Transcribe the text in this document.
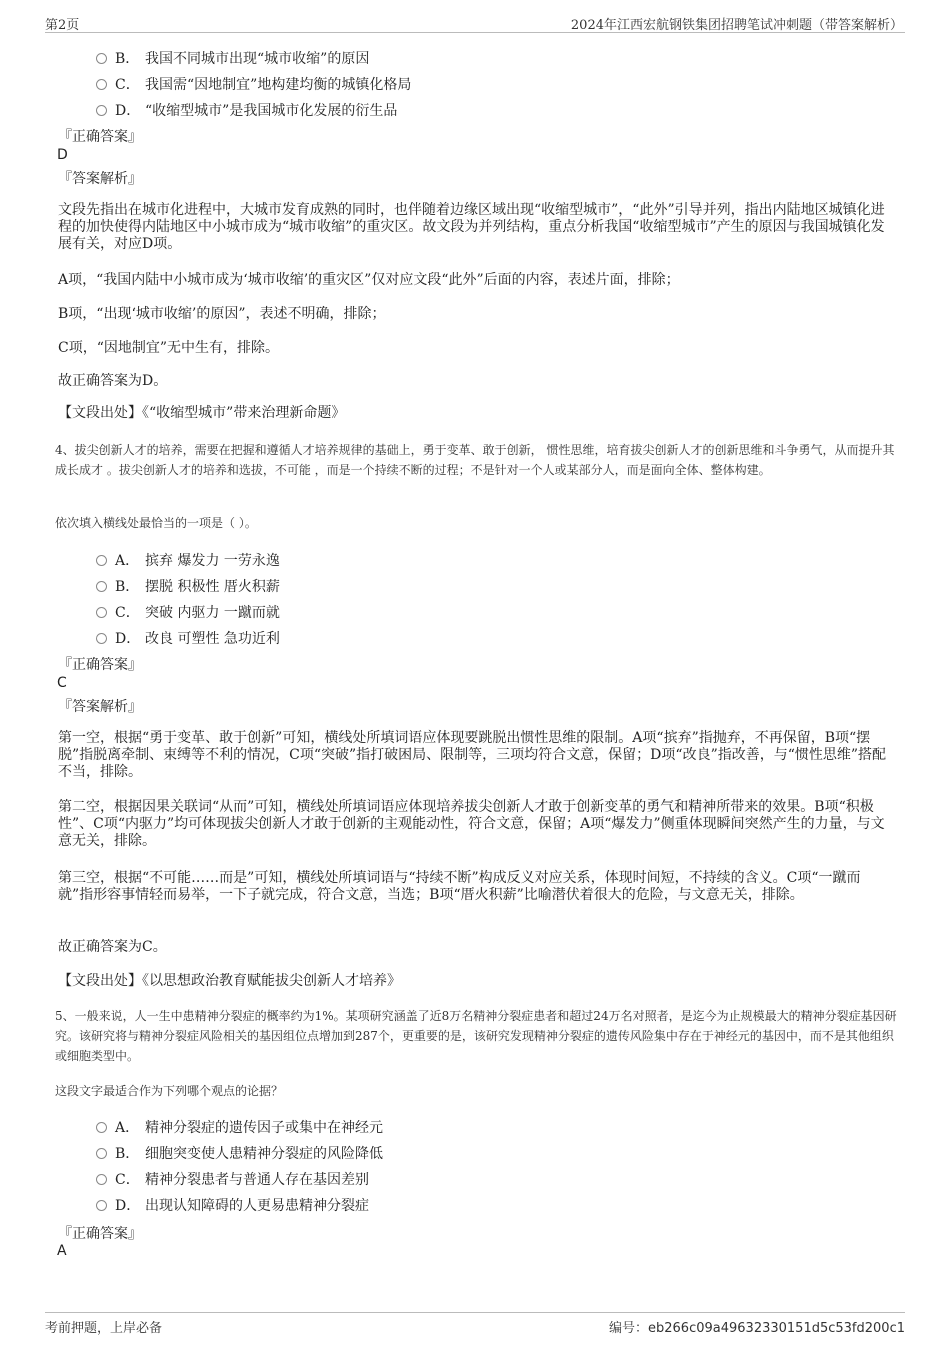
第2页	2024年江西宏航钢铁集团招聘笔试冲刺题（带答案解析）
B． 我国不同城市出现“城市收缩”的原因
C． 我国需“因地制宜”地构建均衡的城镇化格局
D． “收缩型城市”是我国城市化发展的衍生品
『正确答案』
D
『答案解析』
文段先指出在城市化进程中，大城市发育成熟的同时，也伴随着边缘区域出现“收缩型城市”，“此外”引导并列，指出内陆地区城镇化进程的加快使得内陆地区中小城市成为“城市收缩”的重灾区。故文段为并列结构，重点分析我国“收缩型城市”产生的原因与我国城镇化发展有关，对应D项。
A项，“我国内陆中小城市成为‘城市收缩’的重灾区”仅对应文段“此外”后面的内容，表述片面，排除；
B项，“出现‘城市收缩’的原因”，表述不明确，排除；
C项，“因地制宜”无中生有，排除。
故正确答案为D。
【文段出处】《“收缩型城市”带来治理新命题》
4、拔尖创新人才的培养，需要在把握和遵循人才培养规律的基础上，勇于变革、敢于创新， 惯性思维，培育拔尖创新人才的创新思维和斗争勇气，从而提升其成长成才 。拔尖创新人才的培养和选拔，不可能 ，而是一个持续不断的过程；不是针对一个人或某部分人，而是面向全体、整体构建。
依次填入横线处最恰当的一项是（ ）。
A． 摈弃 爆发力 一劳永逸
B． 摆脱 积极性 厝火积薪
C． 突破 内驱力 一蹴而就
D． 改良 可塑性 急功近利
『正确答案』
C
『答案解析』
第一空，根据“勇于变革、敢于创新”可知，横线处所填词语应体现要跳脱出惯性思维的限制。A项“摈弃”指抛弃，不再保留，B项“摆脱”指脱离牵制、束缚等不利的情况，C项“突破”指打破困局、限制等，三项均符合文意，保留；D项“改良”指改善，与“惯性思维”搭配不当，排除。
第二空，根据因果关联词“从而”可知，横线处所填词语应体现培养拔尖创新人才敢于创新变革的勇气和精神所带来的效果。B项“积极性”、C项“内驱力”均可体现拔尖创新人才敢于创新的主观能动性，符合文意，保留；A项“爆发力”侧重体现瞬间突然产生的力量，与文意无关，排除。
第三空，根据“不可能……而是”可知，横线处所填词语与“持续不断”构成反义对应关系，体现时间短，不持续的含义。C项“一蹴而就”指形容事情轻而易举，一下子就完成，符合文意，当选；B项“厝火积薪”比喻潜伏着很大的危险，与文意无关，排除。
故正确答案为C。
【文段出处】《以思想政治教育赋能拔尖创新人才培养》
5、一般来说，人一生中患精神分裂症的概率约为1%。某项研究涵盖了近8万名精神分裂症患者和超过24万名对照者，是迄今为止规模最大的精神分裂症基因研究。该研究将与精神分裂症风险相关的基因组位点增加到287个，更重要的是，该研究发现精神分裂症的遗传风险集中存在于神经元的基因中，而不是其他组织或细胞类型中。
这段文字最适合作为下列哪个观点的论据？
A． 精神分裂症的遗传因子或集中在神经元
B． 细胞突变使人患精神分裂症的风险降低
C． 精神分裂患者与普通人存在基因差别
D． 出现认知障碍的人更易患精神分裂症
『正确答案』
A
考前押题，上岸必备	编号：eb266c09a49632330151d5c53fd200c1
